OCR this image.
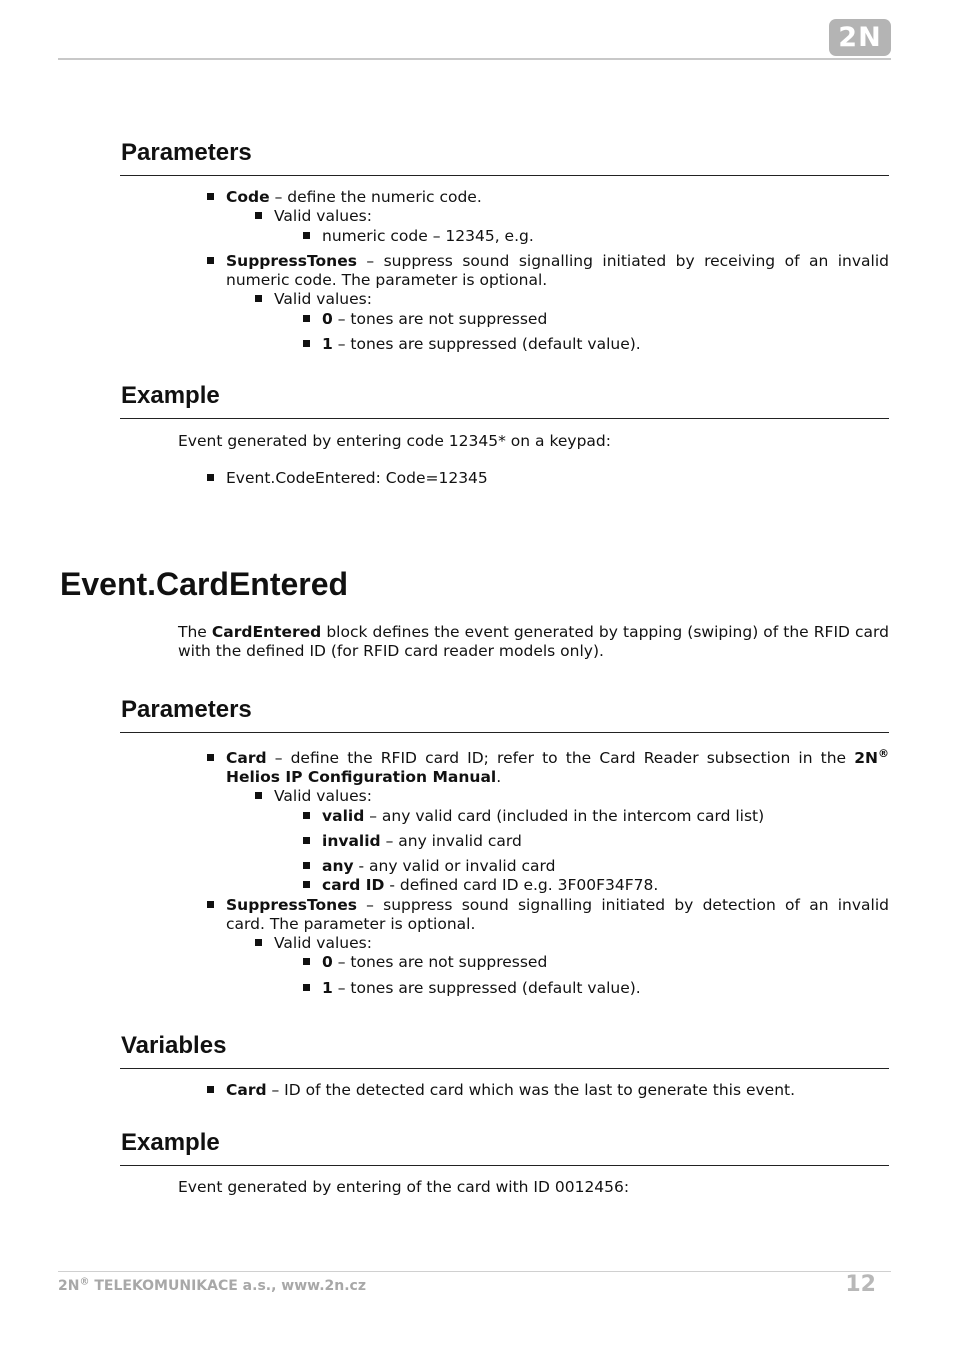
2N
Parameters

Code – define the numeric code.

Valid values:

numeric code – 12345, e.g.

SuppressTones – suppress sound signalling initiated by receiving of an invalid numeric code. The parameter is optional.

Valid values:

0 – tones are not suppressed

1 – tones are suppressed (default value).

Example

Event generated by entering code 12345* on a keypad:

Event.CodeEntered: Code=12345

Event.CardEntered

The CardEntered block defines the event generated by tapping (swiping) of the RFID card with the defined ID (for RFID card reader models only).

Parameters

Card – define the RFID card ID; refer to the Card Reader subsection in the 2N® Helios IP Configuration Manual.

Valid values:

valid – any valid card (included in the intercom card list)

invalid – any invalid card

any - any valid or invalid card

card ID - defined card ID e.g. 3F00F34F78.

SuppressTones – suppress sound signalling initiated by detection of an invalid card. The parameter is optional.

Valid values:

0 – tones are not suppressed

1 – tones are suppressed (default value).

Variables

Card – ID of the detected card which was the last to generate this event.

Example

Event generated by entering of the card with ID 0012456:

2N® TELEKOMUNIKACE a.s., www.2n.cz	12
